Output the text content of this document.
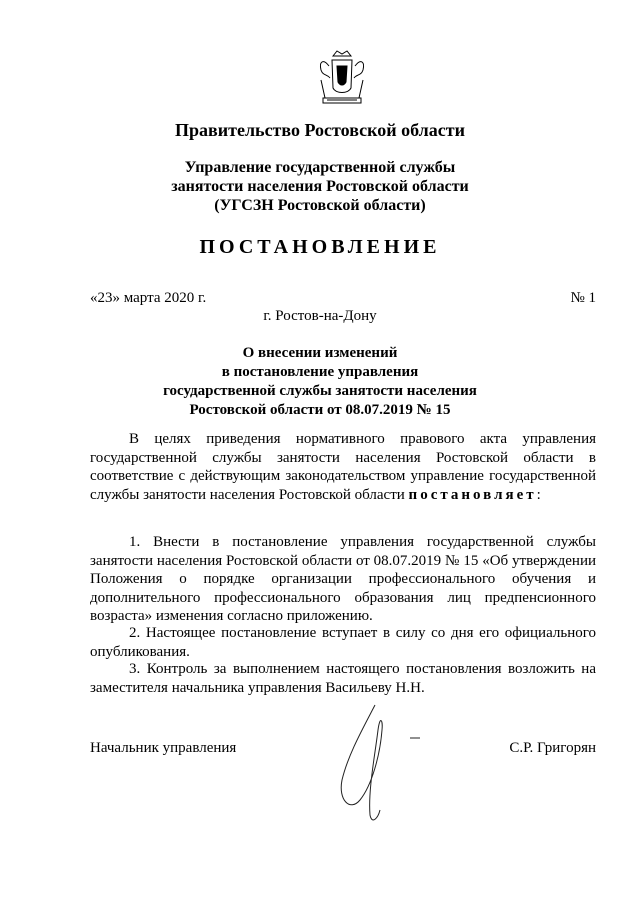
Правительство Ростовской области
Управление государственной службы
занятости населения Ростовской области
(УГСЗН Ростовской области)
ПОСТАНОВЛЕНИЕ
«23» марта 2020 г.	№ 1
г. Ростов-на-Дону
О внесении изменений
в постановление управления
государственной службы занятости населения
Ростовской области от 08.07.2019 № 15

В целях приведения нормативного правового акта управления государственной службы занятости населения Ростовской области в соответствие с действующим законодательством управление государственной службы занятости населения Ростовской области постановляет:

1. Внести в постановление управления государственной службы занятости населения Ростовской области от 08.07.2019 № 15 «Об утверждении Положения о порядке организации профессионального обучения и дополнительного профессионального образования лиц предпенсионного возраста» изменения согласно приложению.

2. Настоящее постановление вступает в силу со дня его официального опубликования.

3. Контроль за выполнением настоящего постановления возложить на заместителя начальника управления Васильеву Н.Н.

Начальник управления	С.Р. Григорян
